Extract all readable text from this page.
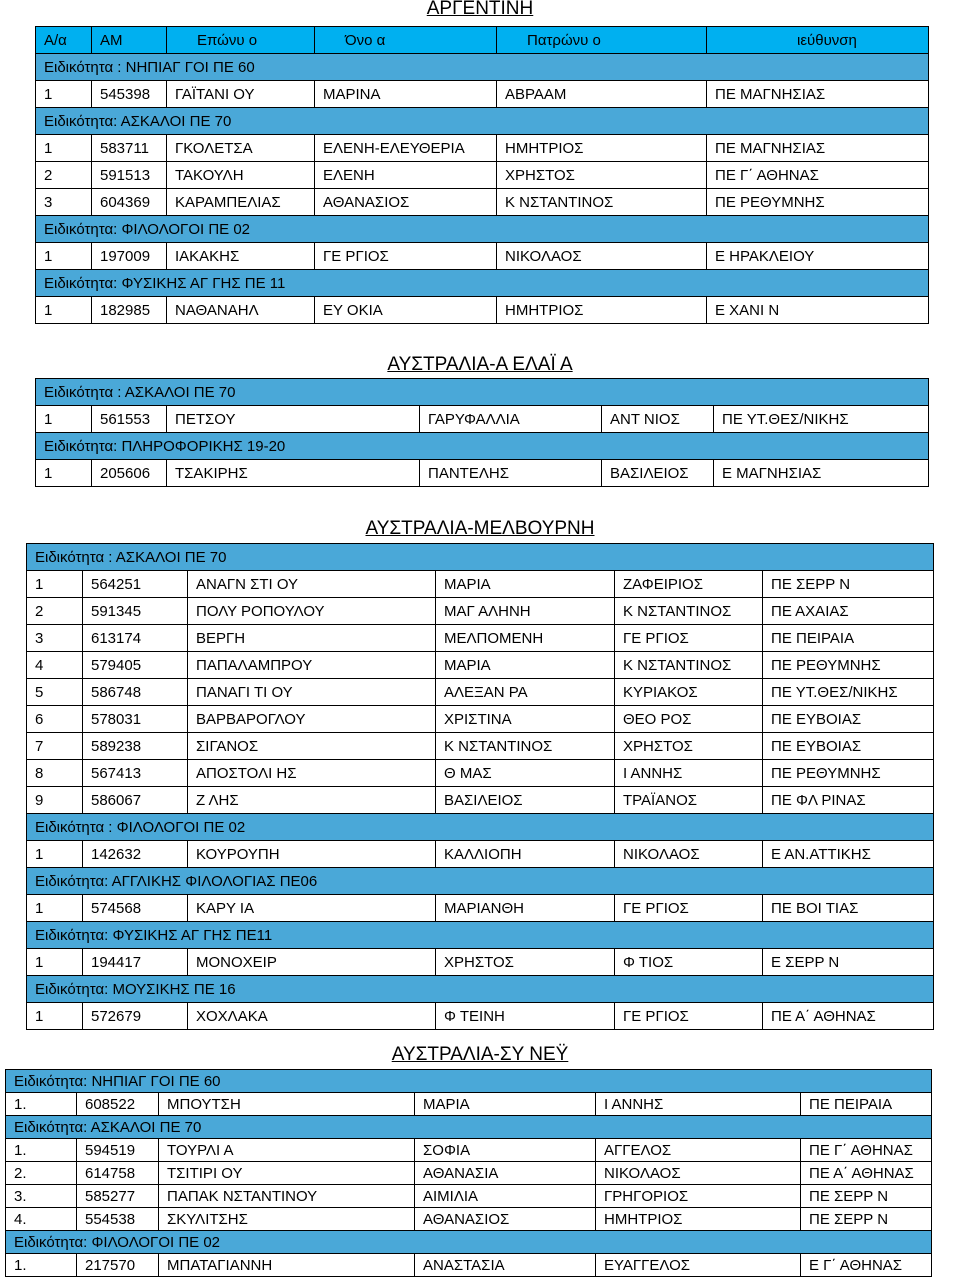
ΑΡΓΕΝΤΙΝΗ
Α/α	ΑΜ	Επώνυ ο	Όνο α	Πατρώνυ ο	ιεύθυνση
Ειδικότητα : ΝΗΠΙΑΓ ΓΟΙ ΠΕ 60					
1	545398	ΓΑΪΤΑΝΙ ΟΥ	ΜΑΡΙΝΑ	ΑΒΡΑΑΜ	ΠΕ ΜΑΓΝΗΣΙΑΣ
Ειδικότητα: ΑΣΚΑΛΟΙ ΠΕ 70					
1	583711	ΓΚΟΛΕΤΣΑ	ΕΛΕΝΗ-ΕΛΕΥΘΕΡΙΑ	ΗΜΗΤΡΙΟΣ	ΠΕ ΜΑΓΝΗΣΙΑΣ
2	591513	ΤΑΚΟΥΛΗ	ΕΛΕΝΗ	ΧΡΗΣΤΟΣ	ΠΕ Γ΄ ΑΘΗΝΑΣ
3	604369	ΚΑΡΑΜΠΕΛΙΑΣ	ΑΘΑΝΑΣΙΟΣ	Κ ΝΣΤΑΝΤΙΝΟΣ	ΠΕ ΡΕΘΥΜΝΗΣ
Ειδικότητα: ΦΙΛΟΛΟΓΟΙ ΠΕ 02					
1	197009	ΙΑΚΑΚΗΣ	ΓΕ ΡΓΙΟΣ	ΝΙΚΟΛΑΟΣ	Ε ΗΡΑΚΛΕΙΟΥ
Ειδικότητα: ΦΥΣΙΚΗΣ ΑΓ ΓΗΣ ΠΕ 11					
1	182985	ΝΑΘΑΝΑΗΛ	ΕΥ ΟΚΙΑ	ΗΜΗΤΡΙΟΣ	Ε ΧΑΝΙ Ν
ΑΥΣΤΡΑΛΙΑ-Α ΕΛΑΪ Α
Ειδικότητα : ΑΣΚΑΛΟΙ ΠΕ 70					
1	561553	ΠΕΤΣΟΥ	ΓΑΡΥΦΑΛΛΙΑ	ΑΝΤ ΝΙΟΣ	ΠΕ ΥΤ.ΘΕΣ/ΝΙΚΗΣ
Ειδικότητα: ΠΛΗΡΟΦΟΡΙΚΗΣ 19-20					
1	205606	ΤΣΑΚΙΡΗΣ	ΠΑΝΤΕΛΗΣ	ΒΑΣΙΛΕΙΟΣ	Ε ΜΑΓΝΗΣΙΑΣ
ΑΥΣΤΡΑΛΙΑ-ΜΕΛΒΟΥΡΝΗ
Ειδικότητα : ΑΣΚΑΛΟΙ ΠΕ 70					
1	564251	ΑΝΑΓΝ ΣΤΙ ΟΥ	ΜΑΡΙΑ	ΖΑΦΕΙΡΙΟΣ	ΠΕ ΣΕΡΡ Ν
2	591345	ΠΟΛΥ ΡΟΠΟΥΛΟΥ	ΜΑΓ ΑΛΗΝΗ	Κ ΝΣΤΑΝΤΙΝΟΣ	ΠΕ ΑΧΑΙΑΣ
3	613174	ΒΕΡΓΗ	ΜΕΛΠΟΜΕΝΗ	ΓΕ ΡΓΙΟΣ	ΠΕ ΠΕΙΡΑΙΑ
4	579405	ΠΑΠΑΛΑΜΠΡΟΥ	ΜΑΡΙΑ	Κ ΝΣΤΑΝΤΙΝΟΣ	ΠΕ ΡΕΘΥΜΝΗΣ
5	586748	ΠΑΝΑΓΙ ΤΙ ΟΥ	ΑΛΕΞΑΝ ΡΑ	ΚΥΡΙΑΚΟΣ	ΠΕ ΥΤ.ΘΕΣ/ΝΙΚΗΣ
6	578031	ΒΑΡΒΑΡΟΓΛΟΥ	ΧΡΙΣΤΙΝΑ	ΘΕΟ ΡΟΣ	ΠΕ ΕΥΒΟΙΑΣ
7	589238	ΣΙΓΑΝΟΣ	Κ ΝΣΤΑΝΤΙΝΟΣ	ΧΡΗΣΤΟΣ	ΠΕ ΕΥΒΟΙΑΣ
8	567413	ΑΠΟΣΤΟΛΙ ΗΣ	Θ ΜΑΣ	Ι ΑΝΝΗΣ	ΠΕ ΡΕΘΥΜΝΗΣ
9	586067	Ζ ΛΗΣ	ΒΑΣΙΛΕΙΟΣ	ΤΡΑΪΑΝΟΣ	ΠΕ ΦΛ ΡΙΝΑΣ
Ειδικότητα : ΦΙΛΟΛΟΓΟΙ ΠΕ 02					
1	142632	ΚΟΥΡΟΥΠΗ	ΚΑΛΛΙΟΠΗ	ΝΙΚΟΛΑΟΣ	Ε ΑΝ.ΑΤΤΙΚΗΣ
Ειδικότητα: ΑΓΓΛΙΚΗΣ ΦΙΛΟΛΟΓΙΑΣ ΠΕ06					
1	574568	ΚΑΡΥ ΙΑ	ΜΑΡΙΑΝΘΗ	ΓΕ ΡΓΙΟΣ	ΠΕ ΒΟΙ ΤΙΑΣ
Ειδικότητα: ΦΥΣΙΚΗΣ ΑΓ ΓΗΣ ΠΕ11					
1	194417	ΜΟΝΟΧΕΙΡ	ΧΡΗΣΤΟΣ	Φ ΤΙΟΣ	Ε ΣΕΡΡ Ν
Ειδικότητα: ΜΟΥΣΙΚΗΣ ΠΕ 16					
1	572679	ΧΟΧΛΑΚΑ	Φ ΤΕΙΝΗ	ΓΕ ΡΓΙΟΣ	ΠΕ Α΄ ΑΘΗΝΑΣ
ΑΥΣΤΡΑΛΙΑ-ΣΥ ΝΕΫ
Ειδικότητα: ΝΗΠΙΑΓ ΓΟΙ ΠΕ 60					
1.	608522	ΜΠΟΥΤΣΗ	ΜΑΡΙΑ	Ι ΑΝΝΗΣ	ΠΕ ΠΕΙΡΑΙΑ
Ειδικότητα: ΑΣΚΑΛΟΙ ΠΕ 70					
1.	594519	ΤΟΥΡΛΙ Α	ΣΟΦΙΑ	ΑΓΓΕΛΟΣ	ΠΕ Γ΄ ΑΘΗΝΑΣ
2.	614758	ΤΣΙΤΙΡΙ ΟΥ	ΑΘΑΝΑΣΙΑ	ΝΙΚΟΛΑΟΣ	ΠΕ Α΄ ΑΘΗΝΑΣ
3.	585277	ΠΑΠΑΚ ΝΣΤΑΝΤΙΝΟΥ	ΑΙΜΙΛΙΑ	ΓΡΗΓΟΡΙΟΣ	ΠΕ ΣΕΡΡ Ν
4.	554538	ΣΚΥΛΙΤΣΗΣ	ΑΘΑΝΑΣΙΟΣ	ΗΜΗΤΡΙΟΣ	ΠΕ ΣΕΡΡ Ν
Ειδικότητα: ΦΙΛΟΛΟΓΟΙ ΠΕ 02					
1.	217570	ΜΠΑΤΑΓΙΑΝΝΗ	ΑΝΑΣΤΑΣΙΑ	ΕΥΑΓΓΕΛΟΣ	Ε Γ΄ ΑΘΗΝΑΣ
